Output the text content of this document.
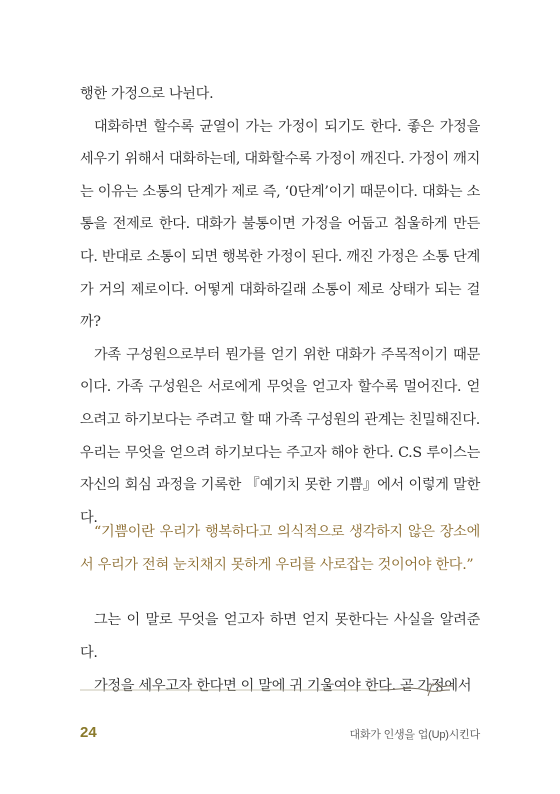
행한 가정으로 나뉜다.

대화하면 할수록 균열이 가는 가정이 되기도 한다. 좋은 가정을 세우기 위해서 대화하는데, 대화할수록 가정이 깨진다. 가정이 깨지는 이유는 소통의 단계가 제로 즉, ‘0단계’이기 때문이다. 대화는 소통을 전제로 한다. 대화가 불통이면 가정을 어둡고 침울하게 만든다. 반대로 소통이 되면 행복한 가정이 된다. 깨진 가정은 소통 단계가 거의 제로이다. 어떻게 대화하길래 소통이 제로 상태가 되는 걸까?

가족 구성원으로부터 뭔가를 얻기 위한 대화가 주목적이기 때문이다. 가족 구성원은 서로에게 무엇을 얻고자 할수록 멀어진다. 얻으려고 하기보다는 주려고 할 때 가족 구성원의 관계는 친밀해진다. 우리는 무엇을 얻으려 하기보다는 주고자 해야 한다. C.S 루이스는 자신의 회심 과정을 기록한 『예기치 못한 기쁨』에서 이렇게 말한다.

“기쁨이란 우리가 행복하다고 의식적으로 생각하지 않은 장소에서 우리가 전혀 눈치채지 못하게 우리를 사로잡는 것이어야 한다.”

그는 이 말로 무엇을 얻고자 하면 얻지 못한다는 사실을 알려준다.

가정을 세우고자 한다면 이 말에 귀 기울여야 한다. 곧 가정에서

24	대화가 인생을 업(Up)시킨다
